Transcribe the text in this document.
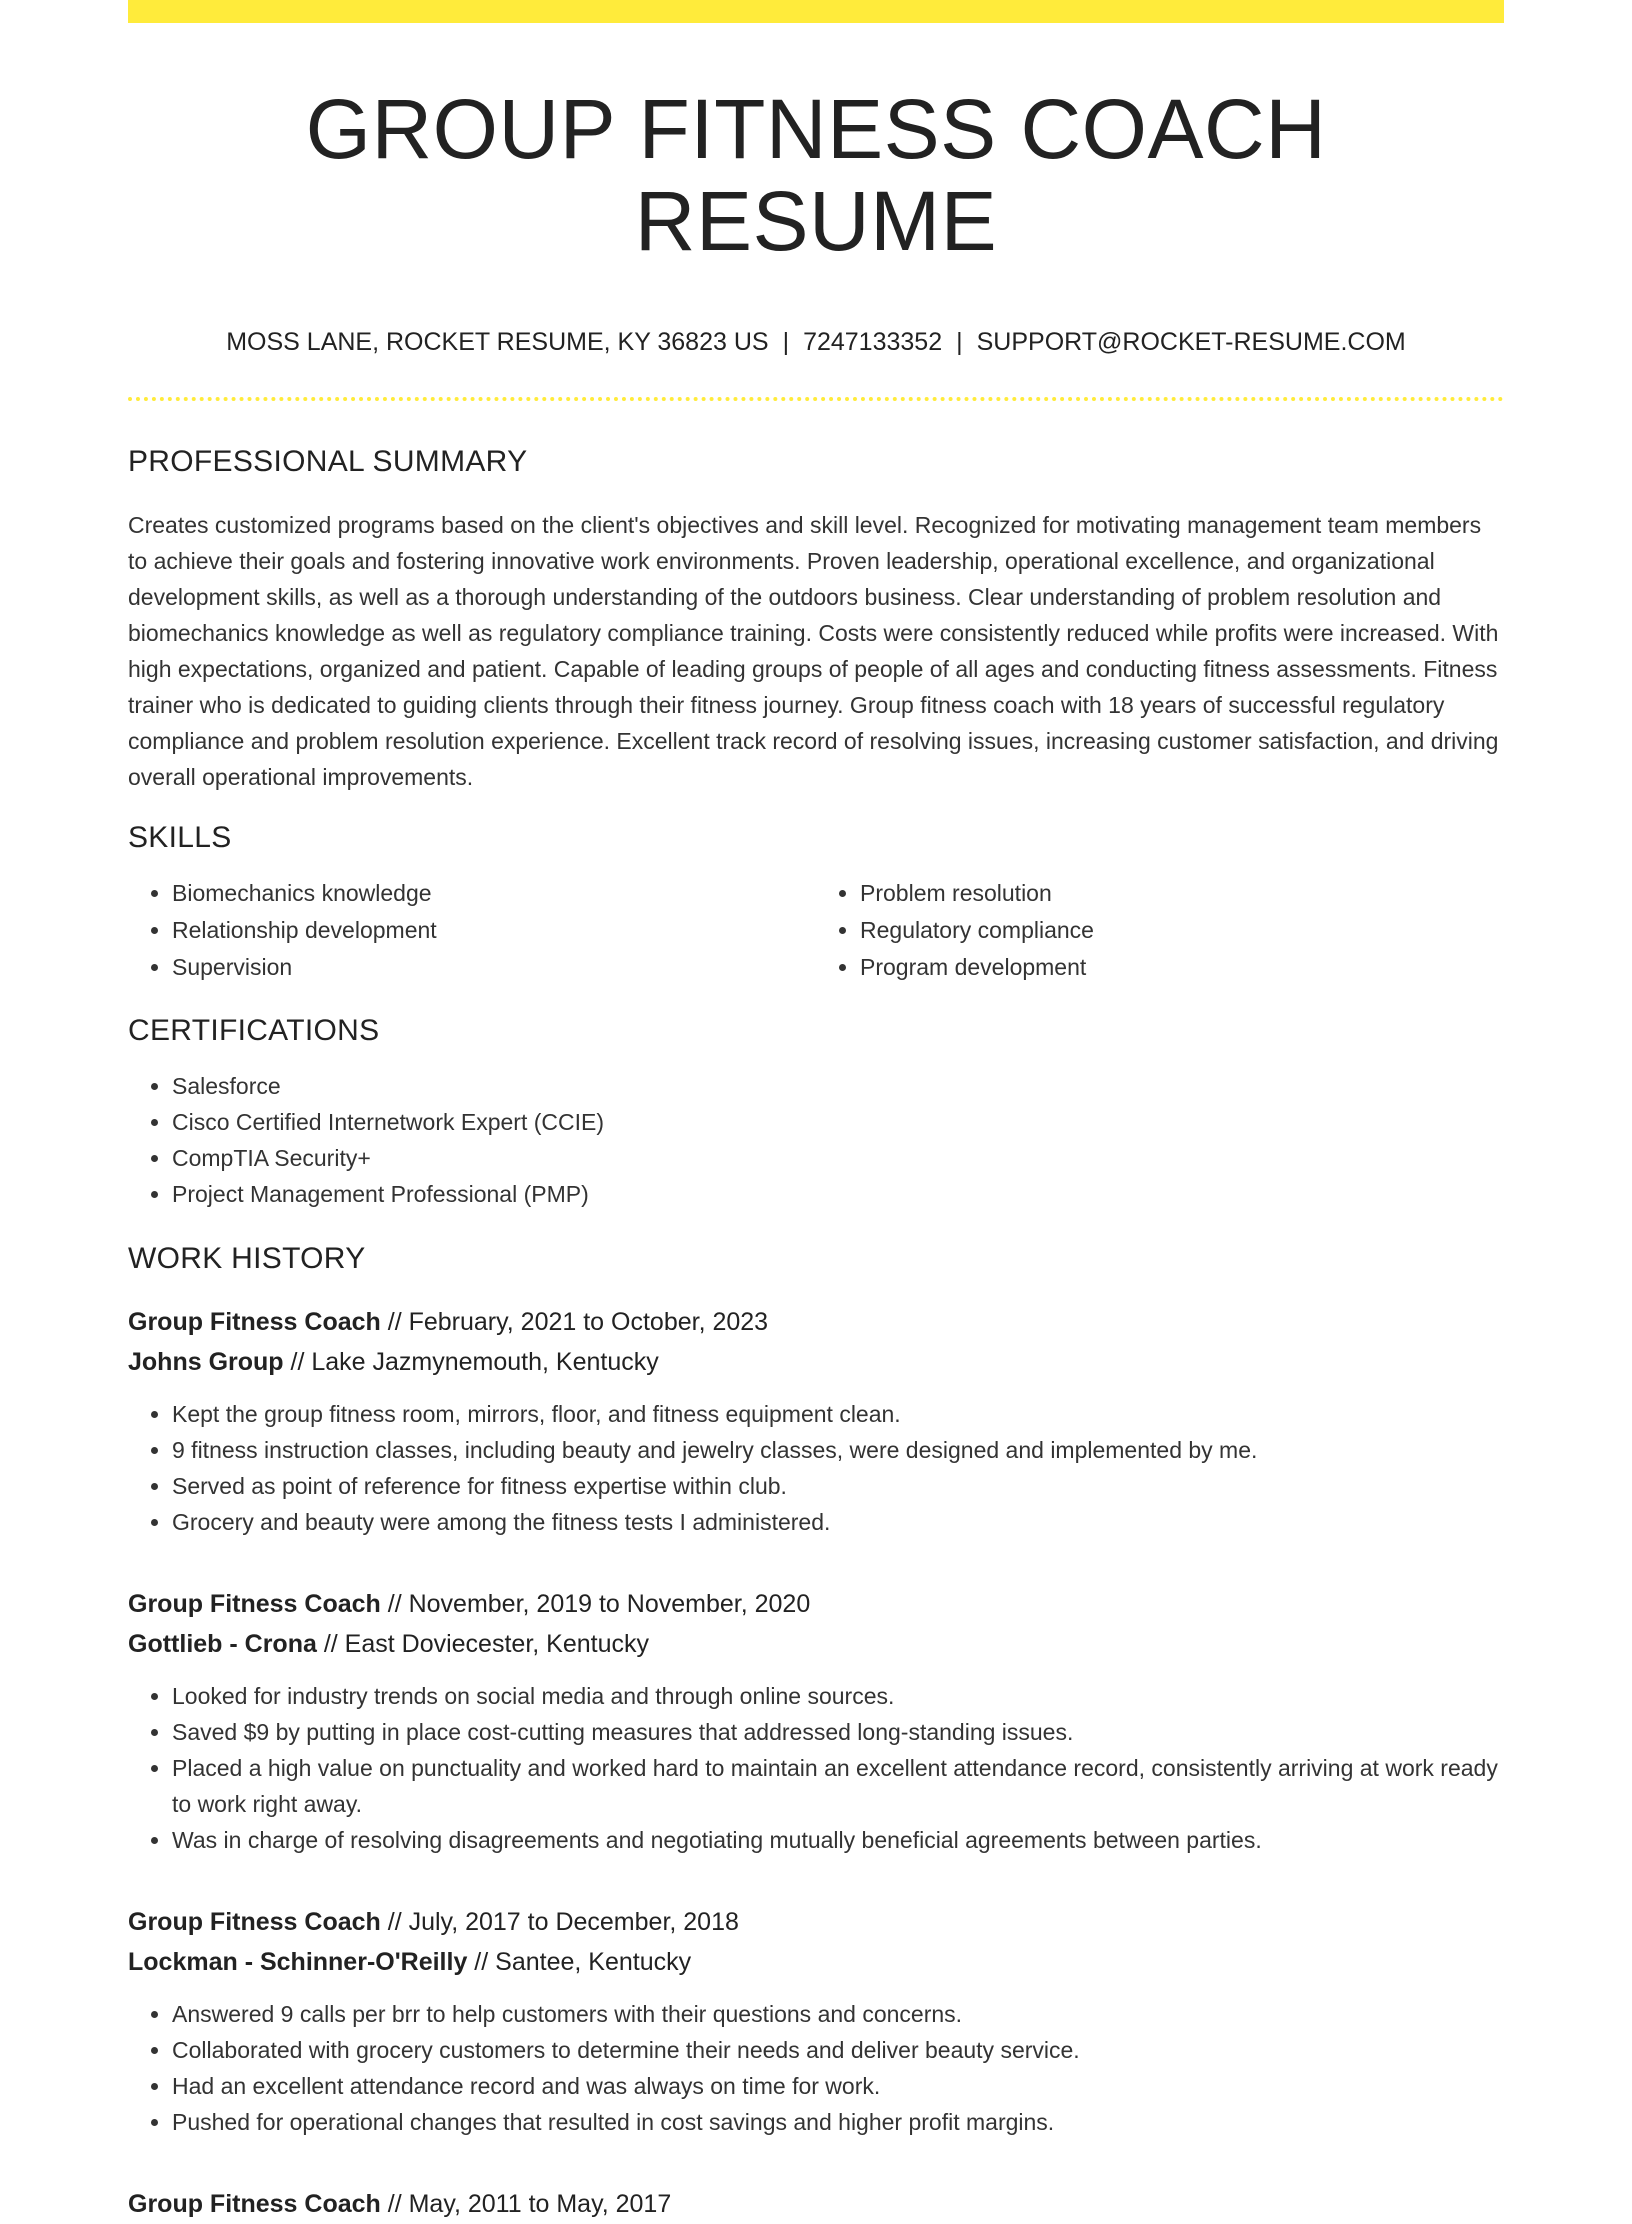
GROUP FITNESS COACH RESUME
MOSS LANE, ROCKET RESUME, KY 36823 US | 7247133352 | SUPPORT@ROCKET-RESUME.COM
PROFESSIONAL SUMMARY

Creates customized programs based on the client's objectives and skill level. Recognized for motivating management team members to achieve their goals and fostering innovative work environments. Proven leadership, operational excellence, and organizational development skills, as well as a thorough understanding of the outdoors business. Clear understanding of problem resolution and biomechanics knowledge as well as regulatory compliance training. Costs were consistently reduced while profits were increased. With high expectations, organized and patient. Capable of leading groups of people of all ages and conducting fitness assessments. Fitness trainer who is dedicated to guiding clients through their fitness journey. Group fitness coach with 18 years of successful regulatory compliance and problem resolution experience. Excellent track record of resolving issues, increasing customer satisfaction, and driving overall operational improvements.

SKILLS
• Biomechanics knowledge
• Relationship development
• Supervision
• Problem resolution
• Regulatory compliance
• Program development
CERTIFICATIONS
• Salesforce
• Cisco Certified Internetwork Expert (CCIE)
• CompTIA Security+
• Project Management Professional (PMP)
WORK HISTORY
Group Fitness Coach // February, 2021 to October, 2023
Johns Group // Lake Jazmynemouth, Kentucky
• Kept the group fitness room, mirrors, floor, and fitness equipment clean.
• 9 fitness instruction classes, including beauty and jewelry classes, were designed and implemented by me.
• Served as point of reference for fitness expertise within club.
• Grocery and beauty were among the fitness tests I administered.
Group Fitness Coach // November, 2019 to November, 2020
Gottlieb - Crona // East Doviecester, Kentucky
• Looked for industry trends on social media and through online sources.
• Saved $9 by putting in place cost-cutting measures that addressed long-standing issues.
• Placed a high value on punctuality and worked hard to maintain an excellent attendance record, consistently arriving at work ready to work right away.
• Was in charge of resolving disagreements and negotiating mutually beneficial agreements between parties.
Group Fitness Coach // July, 2017 to December, 2018
Lockman - Schinner-O'Reilly // Santee, Kentucky
• Answered 9 calls per brr to help customers with their questions and concerns.
• Collaborated with grocery customers to determine their needs and deliver beauty service.
• Had an excellent attendance record and was always on time for work.
• Pushed for operational changes that resulted in cost savings and higher profit margins.
Group Fitness Coach // May, 2011 to May, 2017
